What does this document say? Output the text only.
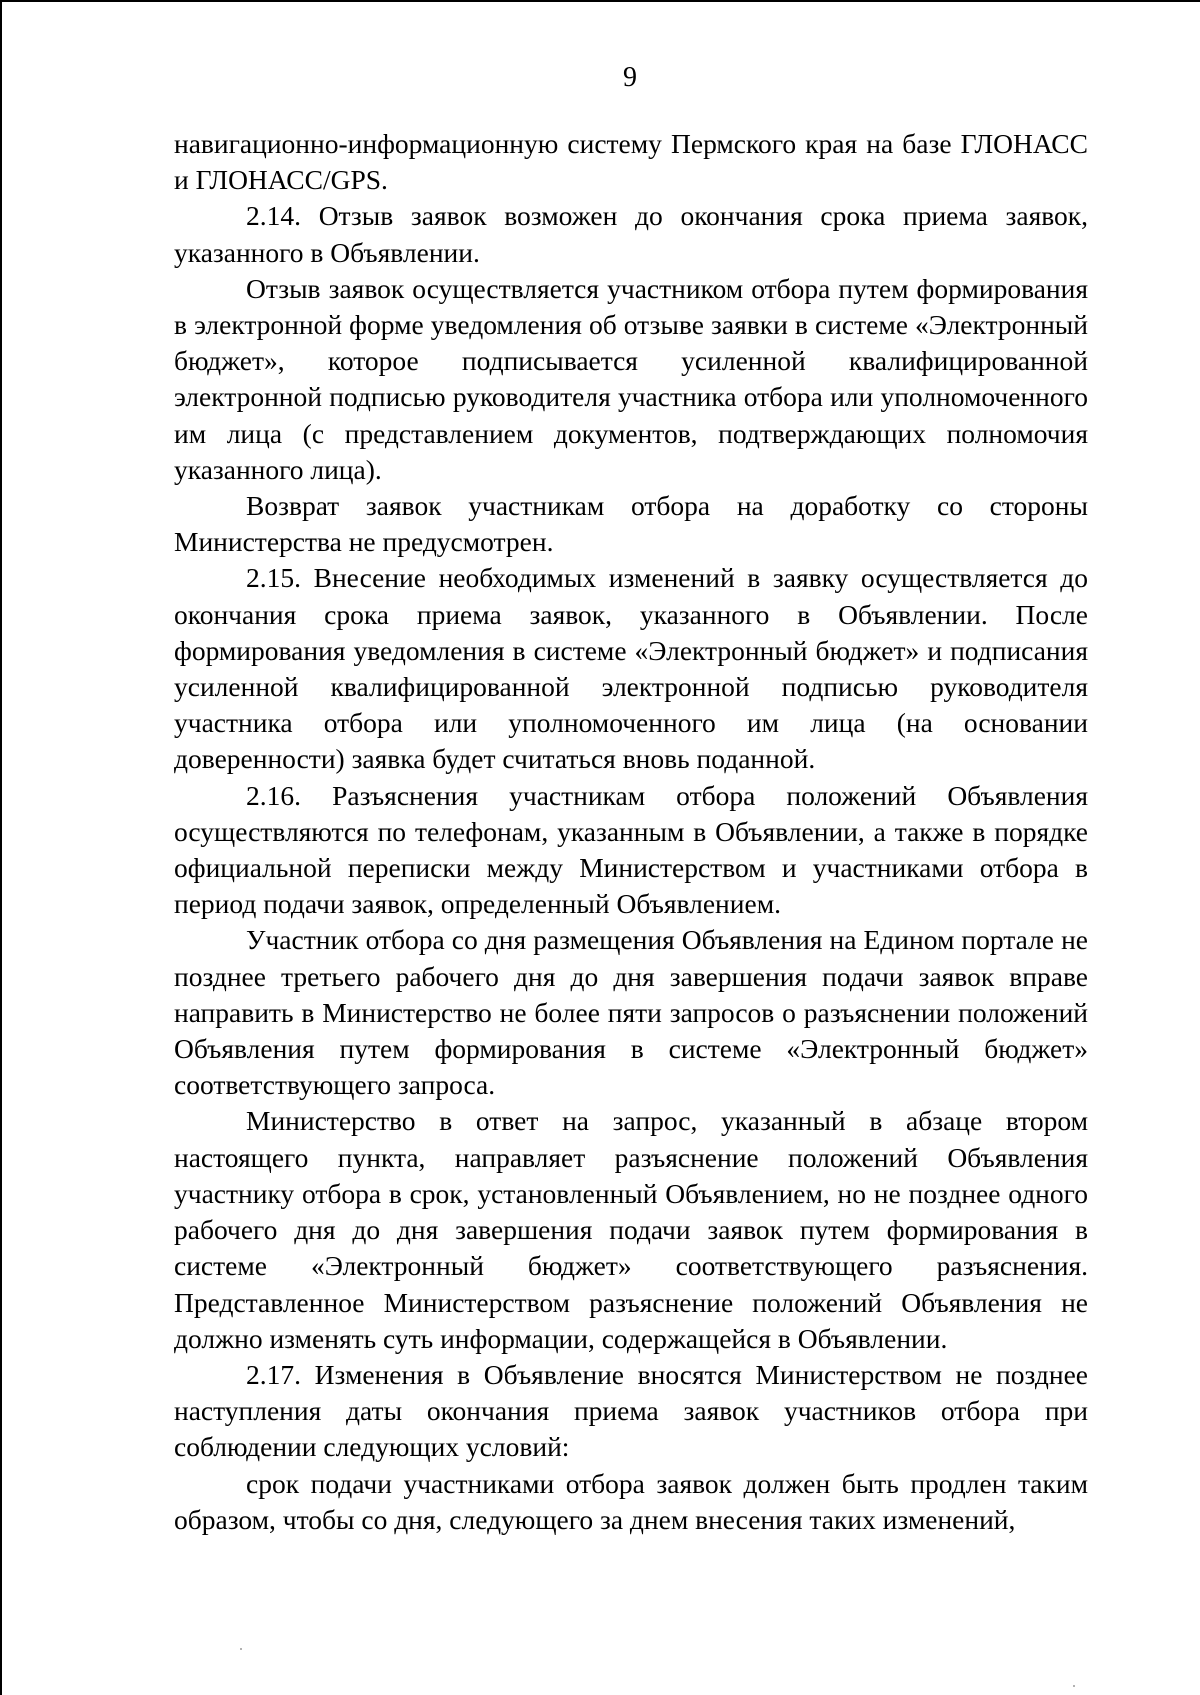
9

навигационно-информационную систему Пермского края на базе ГЛОНАСС и ГЛОНАСС/GPS.

2.14. Отзыв заявок возможен до окончания срока приема заявок, указанного в Объявлении.

Отзыв заявок осуществляется участником отбора путем формирования в электронной форме уведомления об отзыве заявки в системе «Электронный бюджет», которое подписывается усиленной квалифицированной электронной подписью руководителя участника отбора или уполномоченного им лица (с представлением документов, подтверждающих полномочия указанного лица).

Возврат заявок участникам отбора на доработку со стороны Министерства не предусмотрен.

2.15. Внесение необходимых изменений в заявку осуществляется до окончания срока приема заявок, указанного в Объявлении. После формирования уведомления в системе «Электронный бюджет» и подписания усиленной квалифицированной электронной подписью руководителя участника отбора или уполномоченного им лица (на основании доверенности) заявка будет считаться вновь поданной.

2.16. Разъяснения участникам отбора положений Объявления осуществляются по телефонам, указанным в Объявлении, а также в порядке официальной переписки между Министерством и участниками отбора в период подачи заявок, определенный Объявлением.

Участник отбора со дня размещения Объявления на Едином портале не позднее третьего рабочего дня до дня завершения подачи заявок вправе направить в Министерство не более пяти запросов о разъяснении положений Объявления путем формирования в системе «Электронный бюджет» соответствующего запроса.

Министерство в ответ на запрос, указанный в абзаце втором настоящего пункта, направляет разъяснение положений Объявления участнику отбора в срок, установленный Объявлением, но не позднее одного рабочего дня до дня завершения подачи заявок путем формирования в системе «Электронный бюджет» соответствующего разъяснения. Представленное Министерством разъяснение положений Объявления не должно изменять суть информации, содержащейся в Объявлении.

2.17. Изменения в Объявление вносятся Министерством не позднее наступления даты окончания приема заявок участников отбора при соблюдении следующих условий:

срок подачи участниками отбора заявок должен быть продлен таким образом, чтобы со дня, следующего за днем внесения таких изменений,
